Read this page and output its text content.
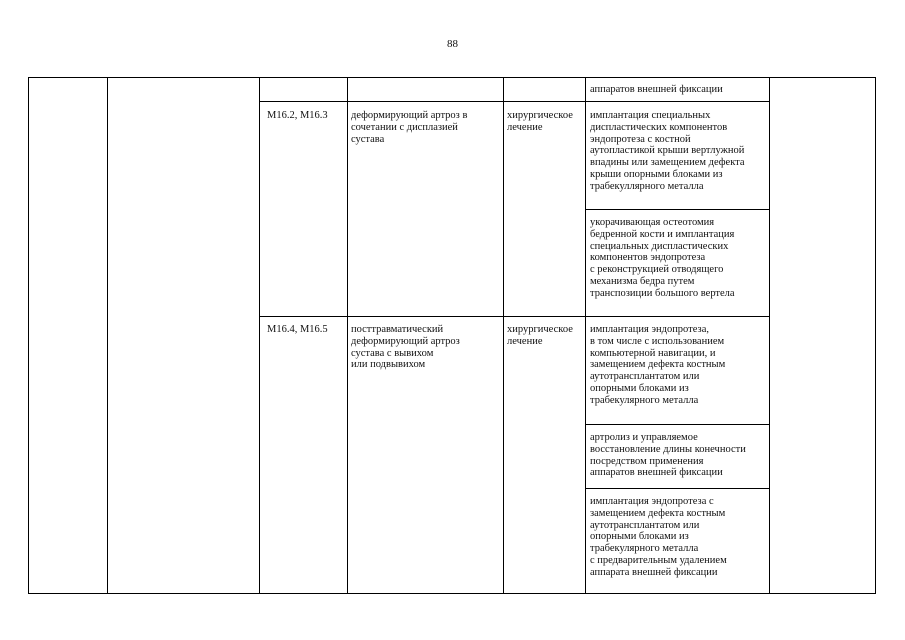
88
аппаратов внешней фиксации
M16.2, M16.3	деформирующий артроз в
сочетании с дисплазией
сустава
хирургическое
лечение
имплантация специальных
диспластических компонентов
эндопротеза с костной
аутопластикой крыши вертлужной
впадины или замещением дефекта
крыши опорными блоками из
трабекуллярного металла
укорачивающая остеотомия
бедренной кости и имплантация
специальных диспластических
компонентов эндопротеза
с реконструкцией отводящего
механизма бедра путем
транспозиции большого вертела
M16.4, M16.5	посттравматический
деформирующий артроз
сустава с вывихом
или подвывихом
хирургическое
лечение
имплантация эндопротеза,
в том числе с использованием
компьютерной навигации, и
замещением дефекта костным
аутотрансплантатом или
опорными блоками из
трабекулярного металла
артролиз и управляемое
восстановление длины конечности
посредством применения
аппаратов внешней фиксации
имплантация эндопротеза с
замещением дефекта костным
аутотрансплантатом или
опорными блоками из
трабекулярного металла
с предварительным удалением
аппарата внешней фиксации
